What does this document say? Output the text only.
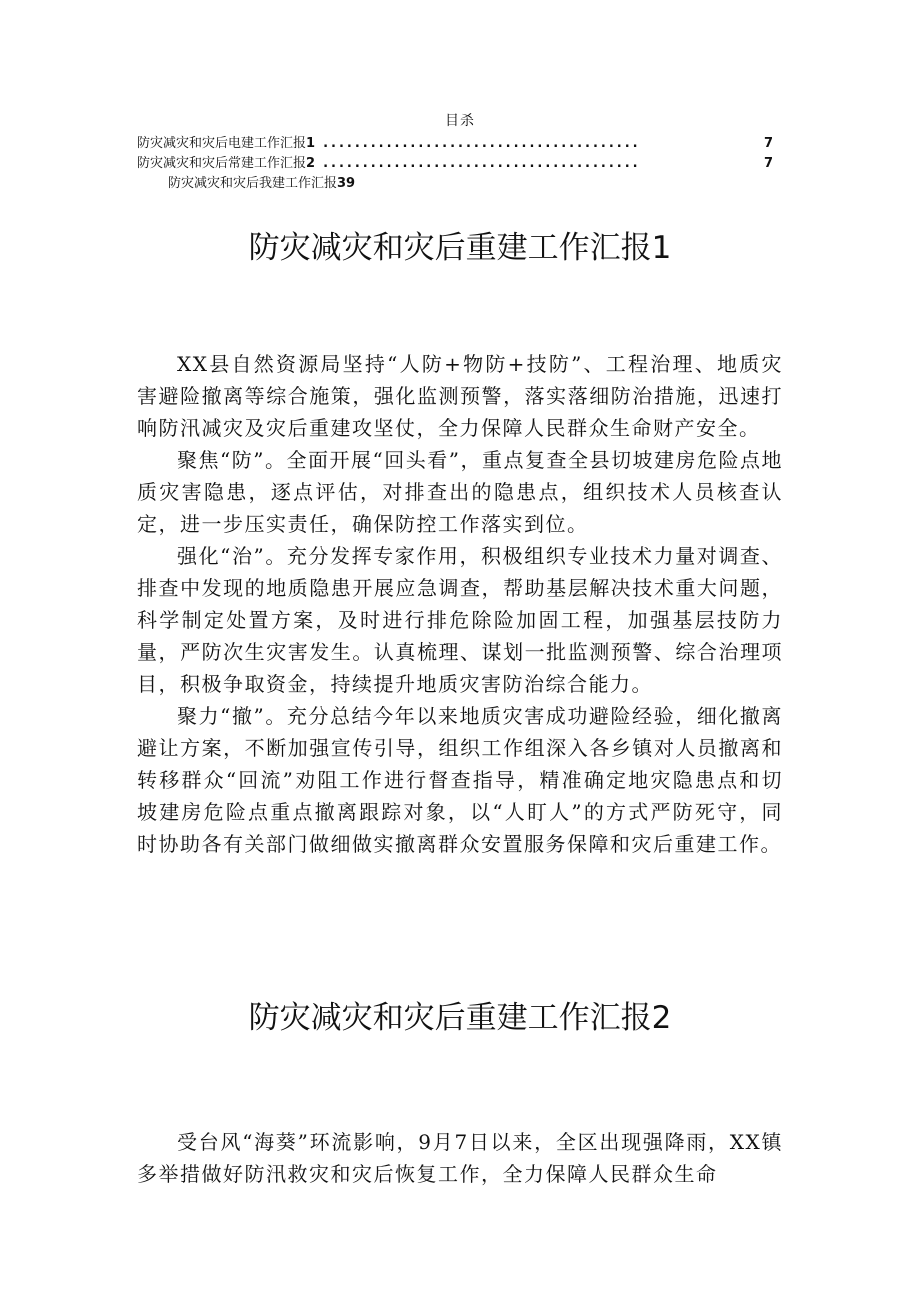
目杀
防灾减灾和灾后电建工作汇报1 ........................................	7
防灾减灾和灾后常建工作汇报2 ........................................	7
防灾减灾和灾后我建工作汇报39
防灾减灾和灾后重建工作汇报1

XX县自然资源局坚持“人防+物防+技防”、工程治理、地质灾害避险撤离等综合施策，强化监测预警，落实落细防治措施，迅速打响防汛减灾及灾后重建攻坚仗，全力保障人民群众生命财产安全。

聚焦“防”。全面开展“回头看”，重点复查全县切坡建房危险点地质灾害隐患，逐点评估，对排查出的隐患点，组织技术人员核查认定，进一步压实责任，确保防控工作落实到位。

强化“治”。充分发挥专家作用，积极组织专业技术力量对调查、排查中发现的地质隐患开展应急调查，帮助基层解决技术重大问题，科学制定处置方案，及时进行排危除险加固工程，加强基层技防力量，严防次生灾害发生。认真梳理、谋划一批监测预警、综合治理项目，积极争取资金，持续提升地质灾害防治综合能力。

聚力“撤”。充分总结今年以来地质灾害成功避险经验，细化撤离避让方案，不断加强宣传引导，组织工作组深入各乡镇对人员撤离和转移群众“回流”劝阻工作进行督查指导，精准确定地灾隐患点和切坡建房危险点重点撤离跟踪对象，以“人盯人”的方式严防死守，同时协助各有关部门做细做实撤离群众安置服务保障和灾后重建工作。

防灾减灾和灾后重建工作汇报2

受台风“海葵”环流影响，9月7日以来，全区出现强降雨，XX镇多举措做好防汛救灾和灾后恢复工作，全力保障人民群众生命
